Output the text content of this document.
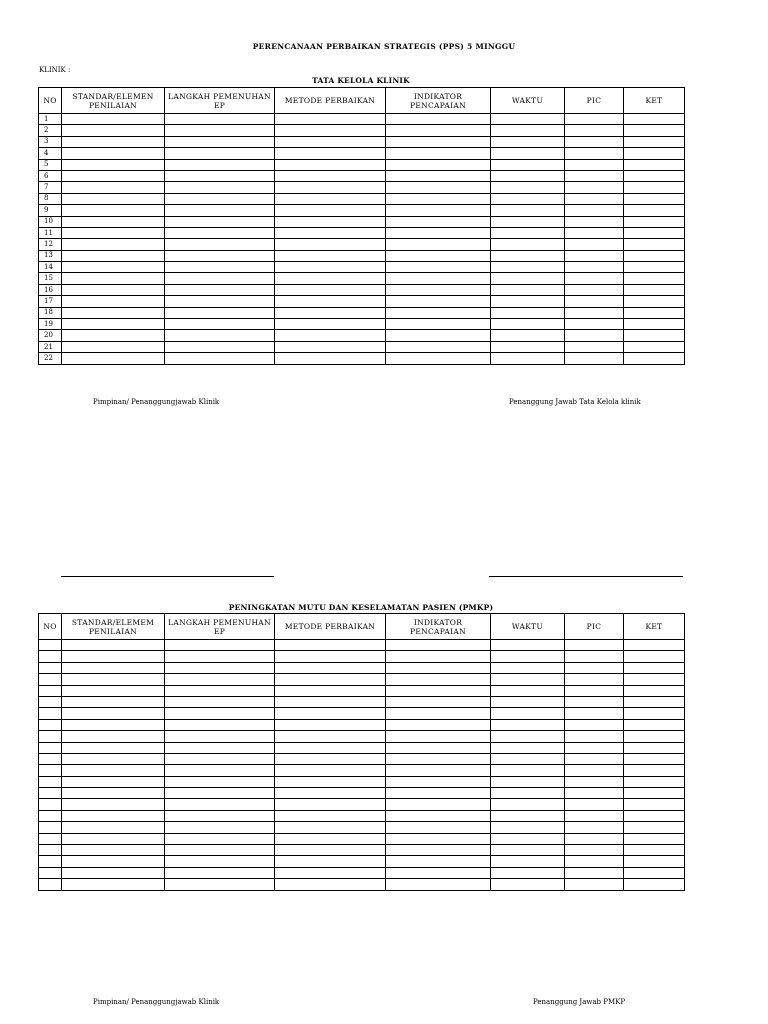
PERENCANAAN PERBAIKAN STRATEGIS (PPS) 5 MINGGU
KLINIK :
TATA KELOLA KLINIK
NO	STANDAR/ELEMEN PENILAIAN	LANGKAH PEMENUHAN EP	METODE PERBAIKAN	INDIKATOR PENCAPAIAN	WAKTU	PIC	KET
1							
2							
3							
4							
5							
6							
7							
8							
9							
10							
11							
12							
13							
14							
15							
16							
17							
18							
19							
20							
21							
22							
Pimpinan/ Penanggungjawab Klinik	Penanggung Jawab Tata Kelola klinik
PENINGKATAN MUTU DAN KESELAMATAN PASIEN (PMKP)
NO	STANDAR/ELEMEM PENILAIAN	LANGKAH PEMENUHAN EP	METODE PERBAIKAN	INDIKATOR PENCAPAIAN	WAKTU	PIC	KET

Pimpinan/ Penanggungjawab Klinik	Penanggung Jawab PMKP
